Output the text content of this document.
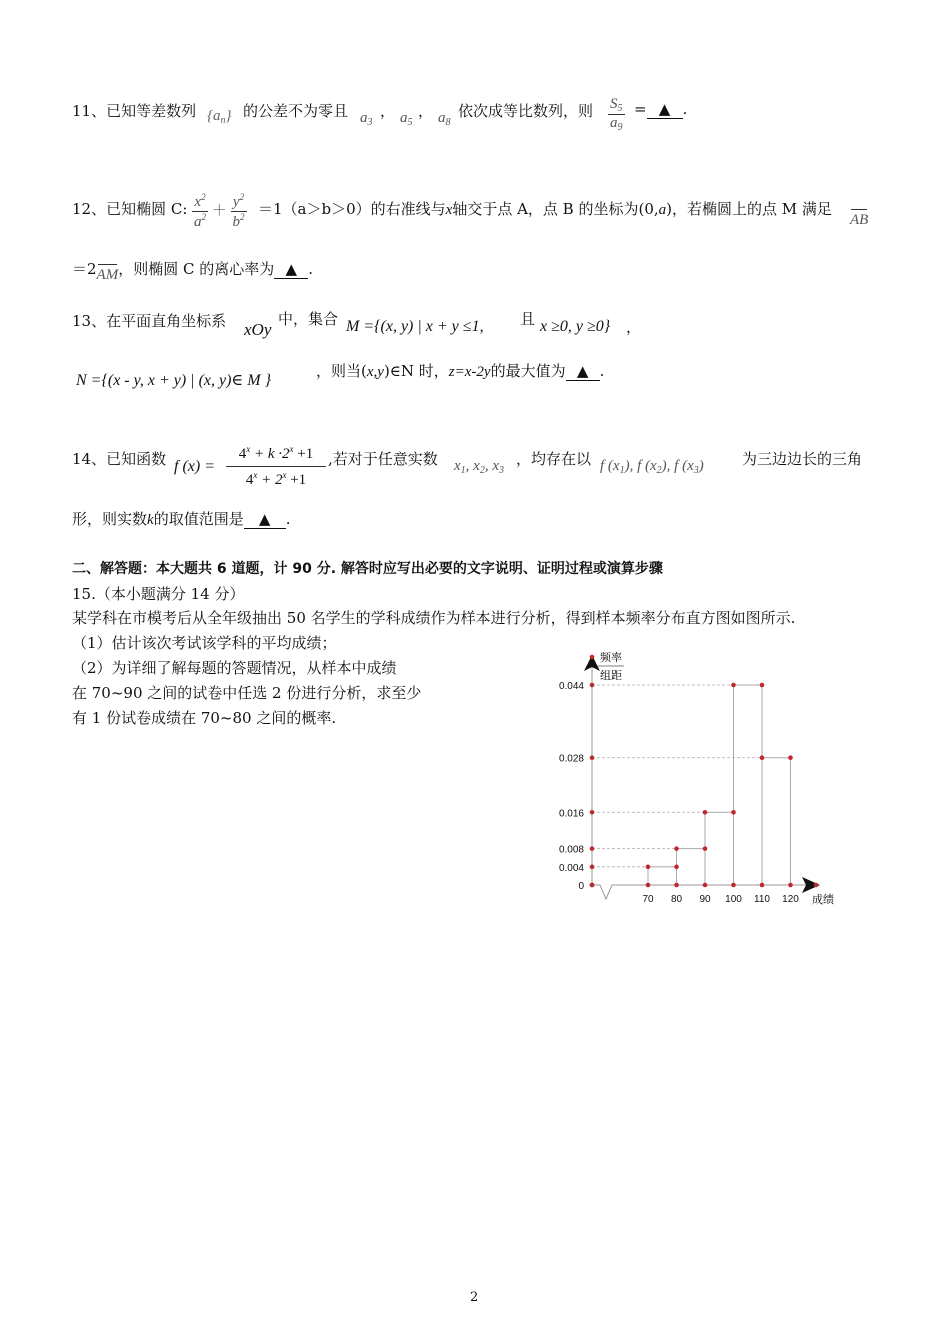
11、已知等差数列 $\{a_n\}$ 的公差不为零且 $a_3$
， $a_5$
， $a_8$
依次成等比数列，则 $\frac{S_5}{a_9}$ = ▲ .
12、已知椭圆 C: $\frac{x^2}{a^2} + \frac{y^2}{b^2} =1(a>b>0)$的右准线与x轴交于点 A，点 B 的坐标为(0,a)，若椭圆上的点 M 满足
AB
＝2AM，则椭圆 C 的离心率为 ▲ .
13、在平面直角坐标系 xOy
中，集合 M ={(x, y) | x + y ≤1, 且 x ≥0, y ≥0} ，
N ={(x - y, x + y) | (x, y)∈ M }
，则当(x,y)∈N 时，z=x-2y的最大值为 ▲ .
14、已知函数 f $(x) = \frac{4^x + k \cdot 2^x +1}{4^x + 2^x +1}$ ,若对于任意实数 $x_1$, $x_2$, $x_3$
，均存在以 f $(x_1)$, f $(x_2)$, f $(x_3)$	为三边边长的三角
形，则实数k的取值范围是 ▲ .
二、解答题：本大题共 6 道题，计 90 分. 解答时应写出必要的文字说明、证明过程或演算步骤
15.（本小题满分 14 分）
某学科在市模考后从全年级抽出 50 名学生的学科成绩作为样本进行分析，得到样本频率分布直方图如图所示.
（1）估计该次考试该学科的平均成绩；
（2）为详细了解每题的答题情况，从样本中成绩
在 70~90 之间的试卷中任选 2 份进行分析，求至少
有 1 份试卷成绩在 70~80 之间的概率.
0
0.004
0.008
0.016
0.028
0.044
70 80 90 100 110 120
频率
组距
成绩
2
